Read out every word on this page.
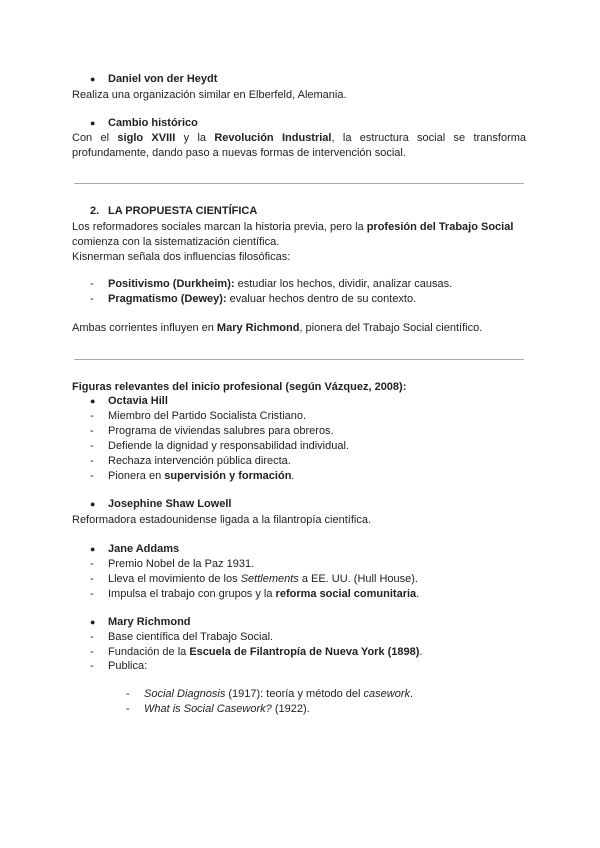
● Daniel von der Heydt
Realiza una organización similar en Elberfeld, Alemania.
● Cambio histórico
Con el siglo XVIII y la Revolución Industrial, la estructura social se transforma
profundamente, dando paso a nuevas formas de intervención social.
2. LA PROPUESTA CIENTÍFICA
Los reformadores sociales marcan la historia previa, pero la profesión del Trabajo Social
comienza con la sistematización científica.
Kisnerman señala dos influencias filosóficas:
- Positivismo (Durkheim): estudiar los hechos, dividir, analizar causas.
- Pragmatismo (Dewey): evaluar hechos dentro de su contexto.
Ambas corrientes influyen en Mary Richmond, pionera del Trabajo Social científico.
Figuras relevantes del inicio profesional (según Vázquez, 2008):
● Octavia Hill
- Miembro del Partido Socialista Cristiano.
- Programa de viviendas salubres para obreros.
- Defiende la dignidad y responsabilidad individual.
- Rechaza intervención pública directa.
- Pionera en supervisión y formación.
● Josephine Shaw Lowell
Reformadora estadounidense ligada a la filantropía científica.
● Jane Addams
- Premio Nobel de la Paz 1931.
- Lleva el movimiento de los Settlements a EE. UU. (Hull House).
- Impulsa el trabajo con grupos y la reforma social comunitaria.
● Mary Richmond
- Base científica del Trabajo Social.
- Fundación de la Escuela de Filantropía de Nueva York (1898).
- Publica:
- Social Diagnosis (1917): teoría y método del casework.
- What is Social Casework? (1922).
